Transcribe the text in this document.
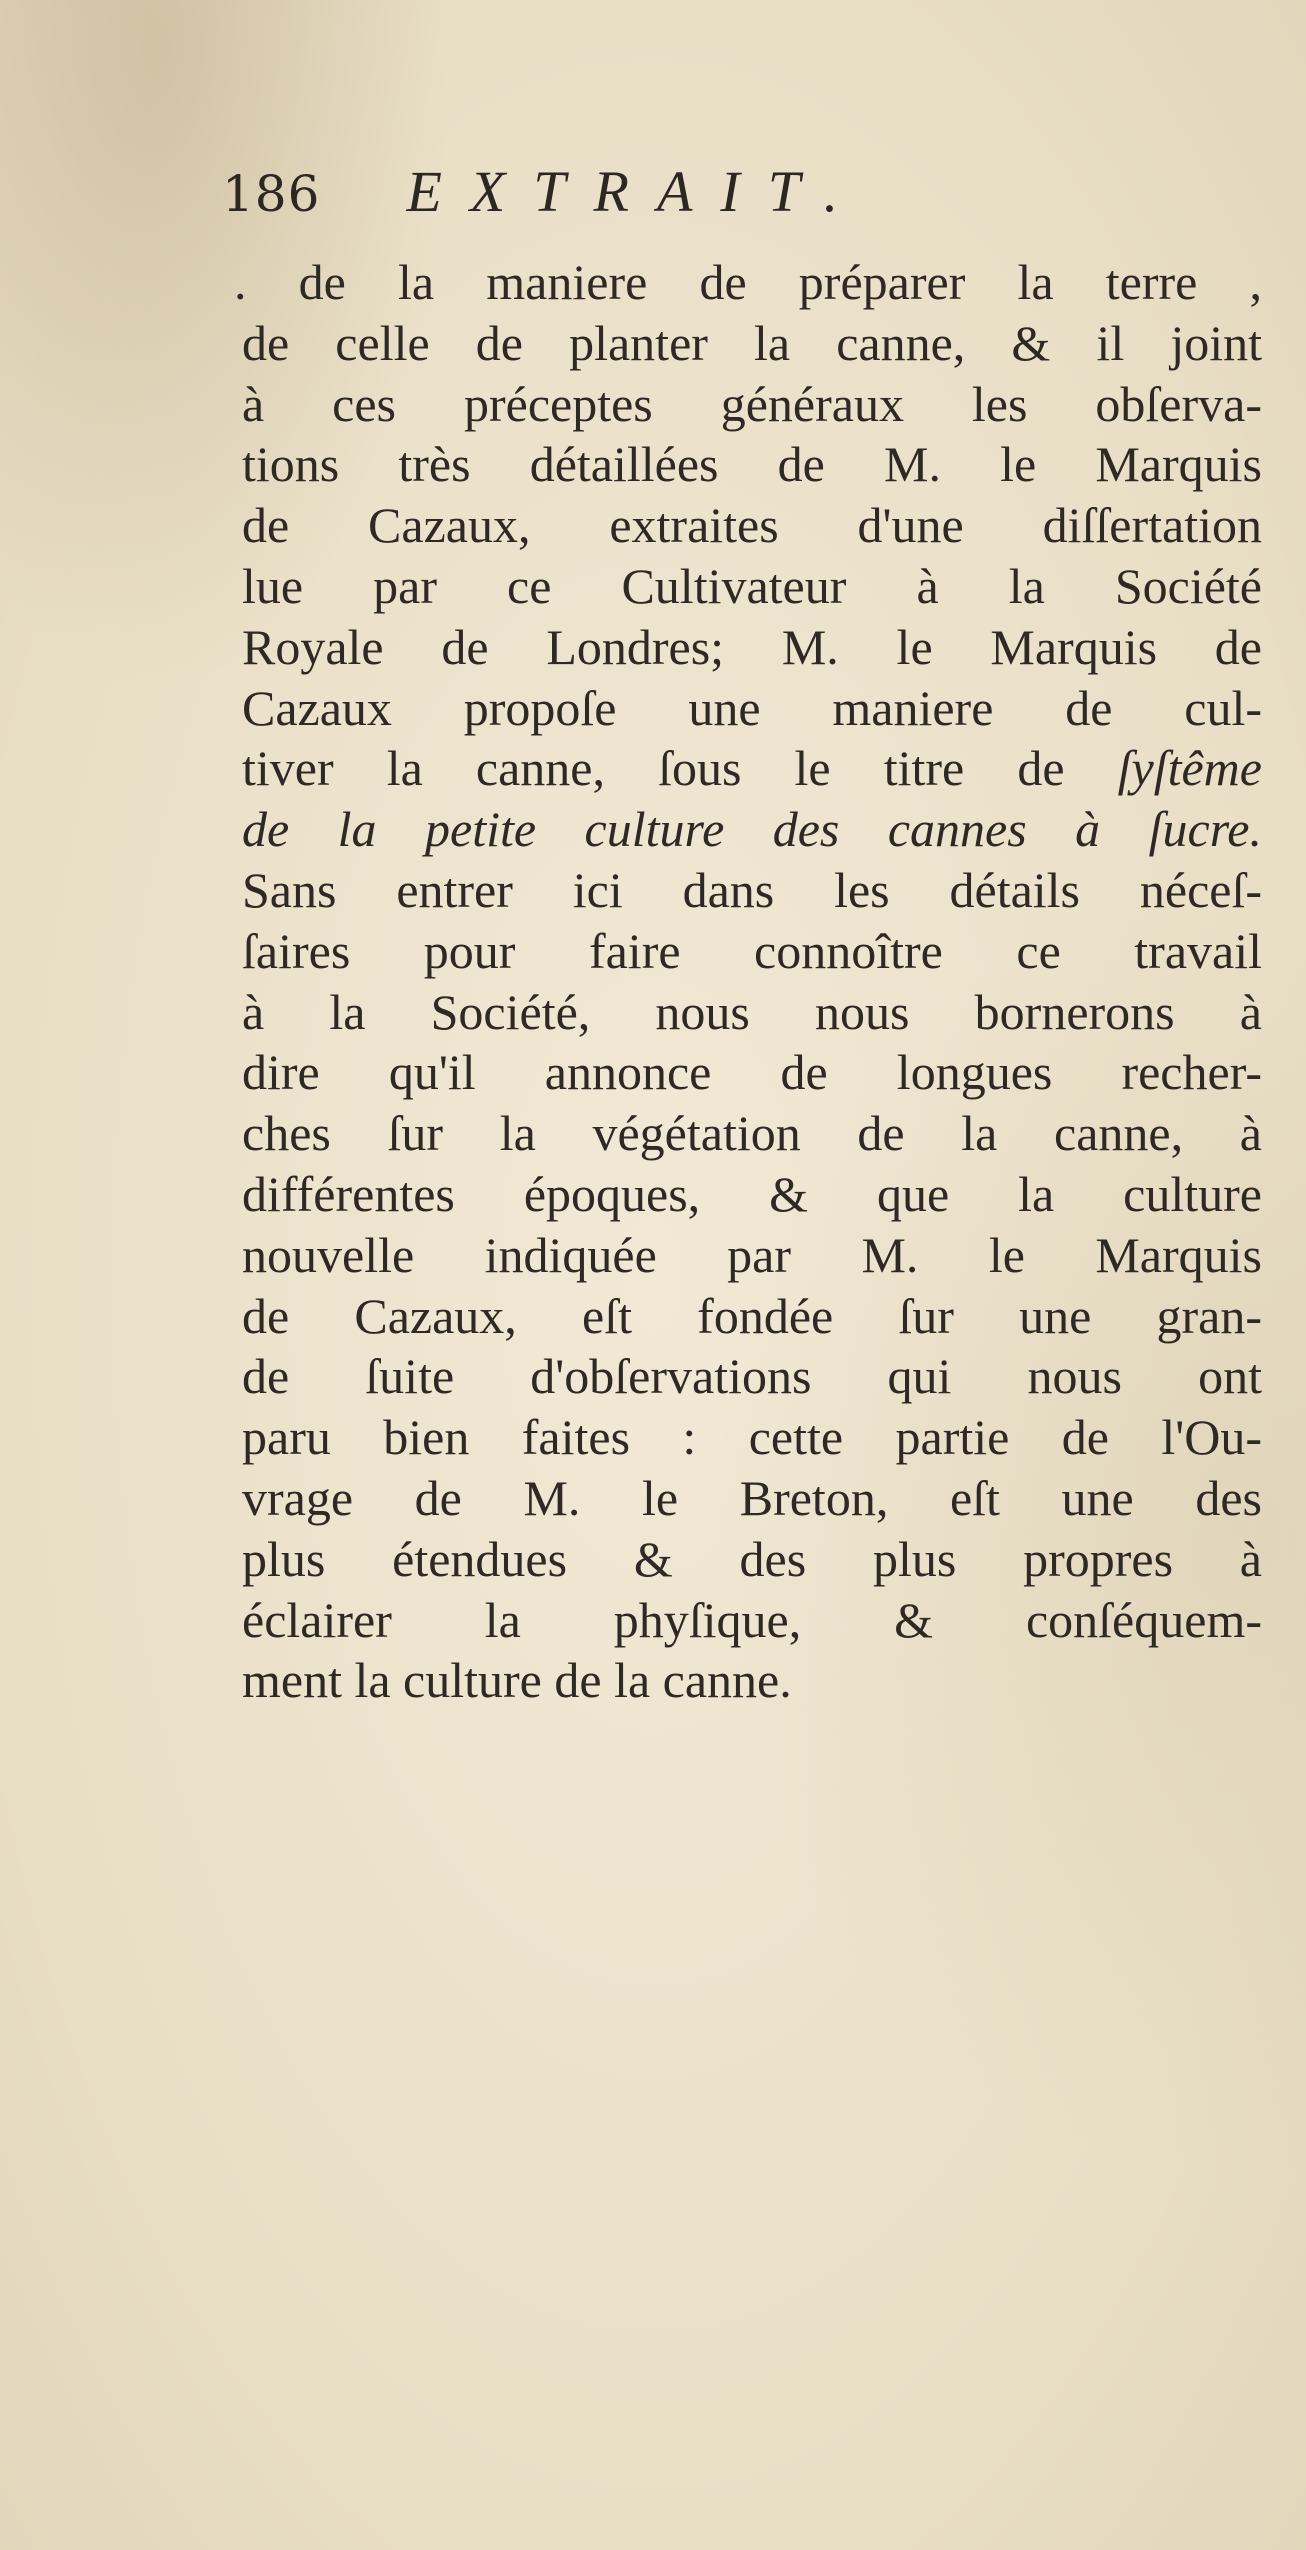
186 EXTRAIT.
. de la maniere de préparer la terre ,
de celle de planter la canne, & il joint
à ces préceptes généraux les obſerva-
tions très détaillées de M. le Marquis
de Cazaux, extraites d'une diſſertation
lue par ce Cultivateur à la Société
Royale de Londres; M. le Marquis de
Cazaux propoſe une maniere de cul-
tiver la canne, ſous le titre de ſyſtême
de la petite culture des cannes à ſucre.
Sans entrer ici dans les détails néceſ-
ſaires pour faire connoître ce travail
à la Société, nous nous bornerons à
dire qu'il annonce de longues recher-
ches ſur la végétation de la canne, à
différentes époques, & que la culture
nouvelle indiquée par M. le Marquis
de Cazaux, eſt fondée ſur une gran-
de ſuite d'obſervations qui nous ont
paru bien faites : cette partie de l'Ou-
vrage de M. le Breton, eſt une des
plus étendues & des plus propres à
éclairer la phyſique, & conſéquem-
ment la culture de la canne.
